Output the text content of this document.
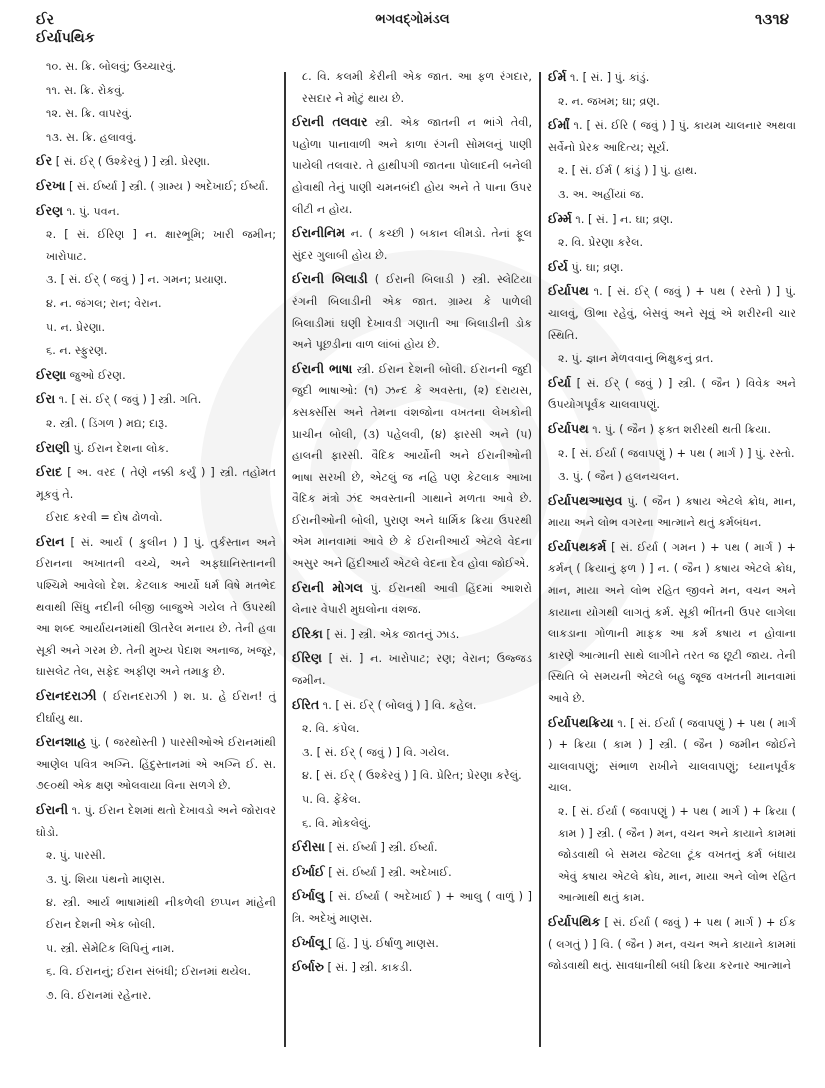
ઈર
ઈર્યાપથિક
ભગવદ્ગોમંડલ	૧૩૧૪
૧૦. સ. ક્રિ. બોલવું; ઉચ્ચારવું.
૧૧. સ. ક્રિ. રોકવું.
૧૨. સ. ક્રિ. વાપરવું.
૧૩. સ. ક્રિ. હલાવવું.
ઈર [ સં. ઈર્ ( ઉશ્કેરવું ) ] સ્ત્રી. પ્રેરણા.
ઈરખા [ સં. ઈર્ષ્યા ] સ્ત્રી. ( ગ્રામ્ય ) અદેખાઈ; ઈર્ષ્યા.
ઈરણ ૧. પું. પવન.
૨. [ સં. ઈરિણ ] ન. ક્ષારભૂમિ; ખારી જમીન; ખારોપાટ.
૩. [ સં. ઈર્ ( જવું ) ] ન. ગમન; પ્રયાણ.
૪. ન. જંગલ; રાન; વેરાન.
૫. ન. પ્રેરણા.
૬. ન. સ્ફુરણ.
ઈરણા જુઓ ઈરણ.
ઈરા ૧. [ સં. ઈર્ ( જવું ) ] સ્ત્રી. ગતિ.
૨. સ્ત્રી. ( ડિંગળ ) મદ્ય; દારૂ.
ઈરાણી પું. ઈરાન દેશના લોક.
ઈરાદ [ અ. વરદ ( તેણે નક્કી કર્યું ) ] સ્ત્રી. તહોમત મૂકવું તે.
ઈરાદ કરવી = દોષ ઢોળવો.
ઈરાન [ સં. આર્ય ( કુલીન ) ] પું. તુર્કસ્તાન અને ઈરાનના અખાતની વચ્ચે, અને અફઘાનિસ્તાનની પશ્ચિમે આવેલો દેશ. કેટલાક આર્યો ધર્મ વિષે મતભેદ થવાથી સિંધુ નદીની બીજી બાજુએ ગયેલ તે ઉપરથી આ શબ્દ આર્યાયનમાંથી ઊતરેલ મનાય છે. તેની હવા સૂકી અને ગરમ છે. તેની મુખ્ય પેદાશ અનાજ, ખજૂર, ઘાસલેટ તેલ, સફેદ અફીણ અને તમાકુ છે.
ઈરાનદરાઝી ( ઈરાનદરાઝી ) શ. પ્ર. હે ઈરાન! તું દીર્ઘાયુ થા.
ઈરાનશાહ પું. ( જરથોસ્તી ) પારસીઓએ ઈરાનમાંથી આણેલ પવિત્ર અગ્નિ. હિંદુસ્તાનમાં એ અગ્નિ ઈ. સ. ૭૯૦થી એક ક્ષણ ઓલવાયા વિના સળગે છે.
ઈરાની ૧. પું. ઈરાન દેશમાં થતો દેખાવડો અને જોરાવર ઘોડો.
૨. પું. પારસી.
૩. પું. શિયા પંથનો માણસ.
૪. સ્ત્રી. આર્ય ભાષામાંથી નીકળેલી છપ્પન માંહેની ઈરાન દેશની એક બોલી.
૫. સ્ત્રી. સેમેટિક લિપિનું નામ.
૬. વિ. ઈરાનનું; ઈરાન સંબંધી; ઈરાનમાં થયેલ.
૭. વિ. ઈરાનમાં રહેનાર.
૮. વિ. કલમી કેરીની એક જાત. આ ફળ રંગદાર, રસદાર ને મોટું થાય છે.
ઈરાની તલવાર સ્ત્રી. એક જાતની ન ભાંગે તેવી, પહોળા પાનાવાળી અને કાળા રંગની સોમલનું પાણી પાયેલી તલવાર. તે હાથીપગી જાતના પોલાદની બનેલી હોવાથી તેનું પાણી ચમનબંદી હોય અને તે પાના ઉપર લીટી ન હોય.
ઈરાનીનિમ ન. ( કચ્છી ) બકાન લીમડો. તેનાં ફૂલ સુંદર ગુલાબી હોય છે.
ઈરાની બિલાડી ( ઈરાની બિલાડી ) સ્ત્રી. સ્લેટિયા રંગની બિલાડીની એક જાત. ગ્રામ્ય કે પાળેલી બિલાડીમાં ઘણી દેખાવડી ગણાતી આ બિલાડીની ડોક અને પૂછડીના વાળ લાંબાં હોય છે.
ઈરાની ભાષા સ્ત્રી. ઈરાન દેશની બોલી. ઈરાનની જુદી જુદી ભાષાઓ: (૧) ઝન્દ કે અવસ્તા, (૨) દરાયસ, ક્સર્ક્સીસ અને તેમના વંશજોના વખતના લેખકોની પ્રાચીન બોલી, (૩) પહેલવી, (૪) ફારસી અને (૫) હાલની ફારસી. વૈદિક આર્યોની અને ઈરાનીઓની ભાષા સરખી છે, એટલું જ નહિ પણ કેટલાક આખા વૈદિક મંત્રો ઝંદ અવસ્તાની ગાથાને મળતા આવે છે. ઈરાનીઓની બોલી, પુરાણ અને ધાર્મિક ક્રિયા ઉપરથી એમ માનવામાં આવે છે કે ઈરાનીઆર્ય એટલે વેદના અસુર અને હિંદીઆર્ય એટલે વેદના દેવ હોવા જોઈએ.
ઈરાની મોગલ પું. ઈરાનથી આવી હિંદમાં આશરો લેનાર વેપારી મુઘલોના વંશજ.
ઈરિકા [ સં. ] સ્ત્રી. એક જાતનું ઝાડ.
ઈરિણ [ સં. ] ન. ખારોપાટ; રણ; વેરાન; ઉજ્જડ જમીન.
ઈરિત ૧. [ સં. ઈર્ ( બોલવું ) ] વિ. કહેલ.
૨. વિ. કંપેલ.
૩. [ સં. ઈર્ ( જવું ) ] વિ. ગયેલ.
૪. [ સં. ઈર્ ( ઉશ્કેરવું ) ] વિ. પ્રેરિત; પ્રેરણા કરેલું.
૫. વિ. ફેંકેલ.
૬. વિ. મોકલેલું.
ઈરીસા [ સં. ઈર્ષ્યા ] સ્ત્રી. ઈર્ષ્યા.
ઈર્ખાઈ [ સં. ઈર્ષ્યા ] સ્ત્રી. અદેખાઈ.
ઈર્ખાલુ [ સં. ઈર્ષ્યા ( અદેખાઈ ) + આલુ ( વાળું ) ] ત્રિ. અદેખું માણસ.
ઈર્ખાલૂ [ હિં. ] પું. ઈર્ષાળુ માણસ.
ઈર્બારુ [ સં. ] સ્ત્રી. કાકડી.
ઈર્મ ૧. [ સં. ] પું. કાંડું.
૨. ન. જખમ; ઘા; વ્રણ.
ઈર્માં ૧. [ સં. ઈરિ ( જવું ) ] પું. કાયમ ચાલનાર અથવા સર્વેનો પ્રેરક આદિત્ય; સૂર્ય.
૨. [ સં. ઈર્મ ( કાંડું ) ] પું. હાથ.
૩. અ. અહીંયાં જ.
ઈર્મ્મ ૧. [ સં. ] ન. ઘા; વ્રણ.
૨. વિ. પ્રેરણા કરેલ.
ઈર્ય પું. ઘા; વ્રણ.
ઈર્યાપથ ૧. [ સં. ઈર્ ( જવું ) + પથ ( રસ્તો ) ] પું. ચાલવું, ઊભા રહેવું, બેસવું અને સૂવું એ શરીરની ચાર સ્થિતિ.
૨. પું. જ્ઞાન મેળવવાનું ભિક્ષુકનું વ્રત.
ઈર્યા [ સં. ઈર્ ( જવું ) ] સ્ત્રી. ( જૈન ) વિવેક અને ઉપયોગપૂર્વક ચાલવાપણું.
ઈર્યાપથ ૧. પું. ( જૈન ) ફક્ત શરીરથી થતી ક્રિયા.
૨. [ સં. ઈર્યા ( જવાપણું ) + પથ ( માર્ગ ) ] પું. રસ્તો.
૩. પું. ( જૈન ) હલનચલન.
ઈર્યાપથઆસ્રવ પું. ( જૈન ) કષાય એટલે ક્રોધ, માન, માયા અને લોભ વગરના આત્માને થતું કર્મબંધન.
ઈર્યાપથકર્મ [ સં. ઈર્યા ( ગમન ) + પથ ( માર્ગ ) + કર્મન્ ( ક્રિયાનું ફળ ) ] ન. ( જૈન ) કષાય એટલે ક્રોધ, માન, માયા અને લોભ રહિત જીવને મન, વચન અને કાયાના યોગથી લાગતું કર્મ. સૂકી ભીંતની ઉપર લાગેલા લાકડાના ગોળાની માફક આ કર્મ કષાય ન હોવાના કારણે આત્માની સાથે લાગીને તરત જ છૂટી જાય. તેની સ્થિતિ બે સમયની એટલે બહુ જૂજ વખતની માનવામાં આવે છે.
ઈર્યાપથક્રિયા ૧. [ સં. ઈર્યા ( જવાપણું ) + પથ ( માર્ગ ) + ક્રિયા ( કામ ) ] સ્ત્રી. ( જૈન ) જમીન જોઈને ચાલવાપણું; સંભાળ રાખીને ચાલવાપણું; ધ્યાનપૂર્વક ચાલ.
૨. [ સં. ઈર્યા ( જવાપણું ) + પથ ( માર્ગ ) + ક્રિયા ( કામ ) ] સ્ત્રી. ( જૈન ) મન, વચન અને કાયાને કામમાં જોડવાથી બે સમય જેટલા ટૂંક વખતનું કર્મ બંધાય એવું કષાય એટલે ક્રોધ, માન, માયા અને લોભ રહિત આત્માથી થતું કામ.
ઈર્યાપથિક [ સં. ઈર્યા ( જવું ) + પથ ( માર્ગ ) + ઈક ( લગતું ) ] વિ. ( જૈન ) મન, વચન અને કાયાને કામમાં જોડવાથી થતું. સાવધાનીથી બધી ક્રિયા કરનાર આત્માને
